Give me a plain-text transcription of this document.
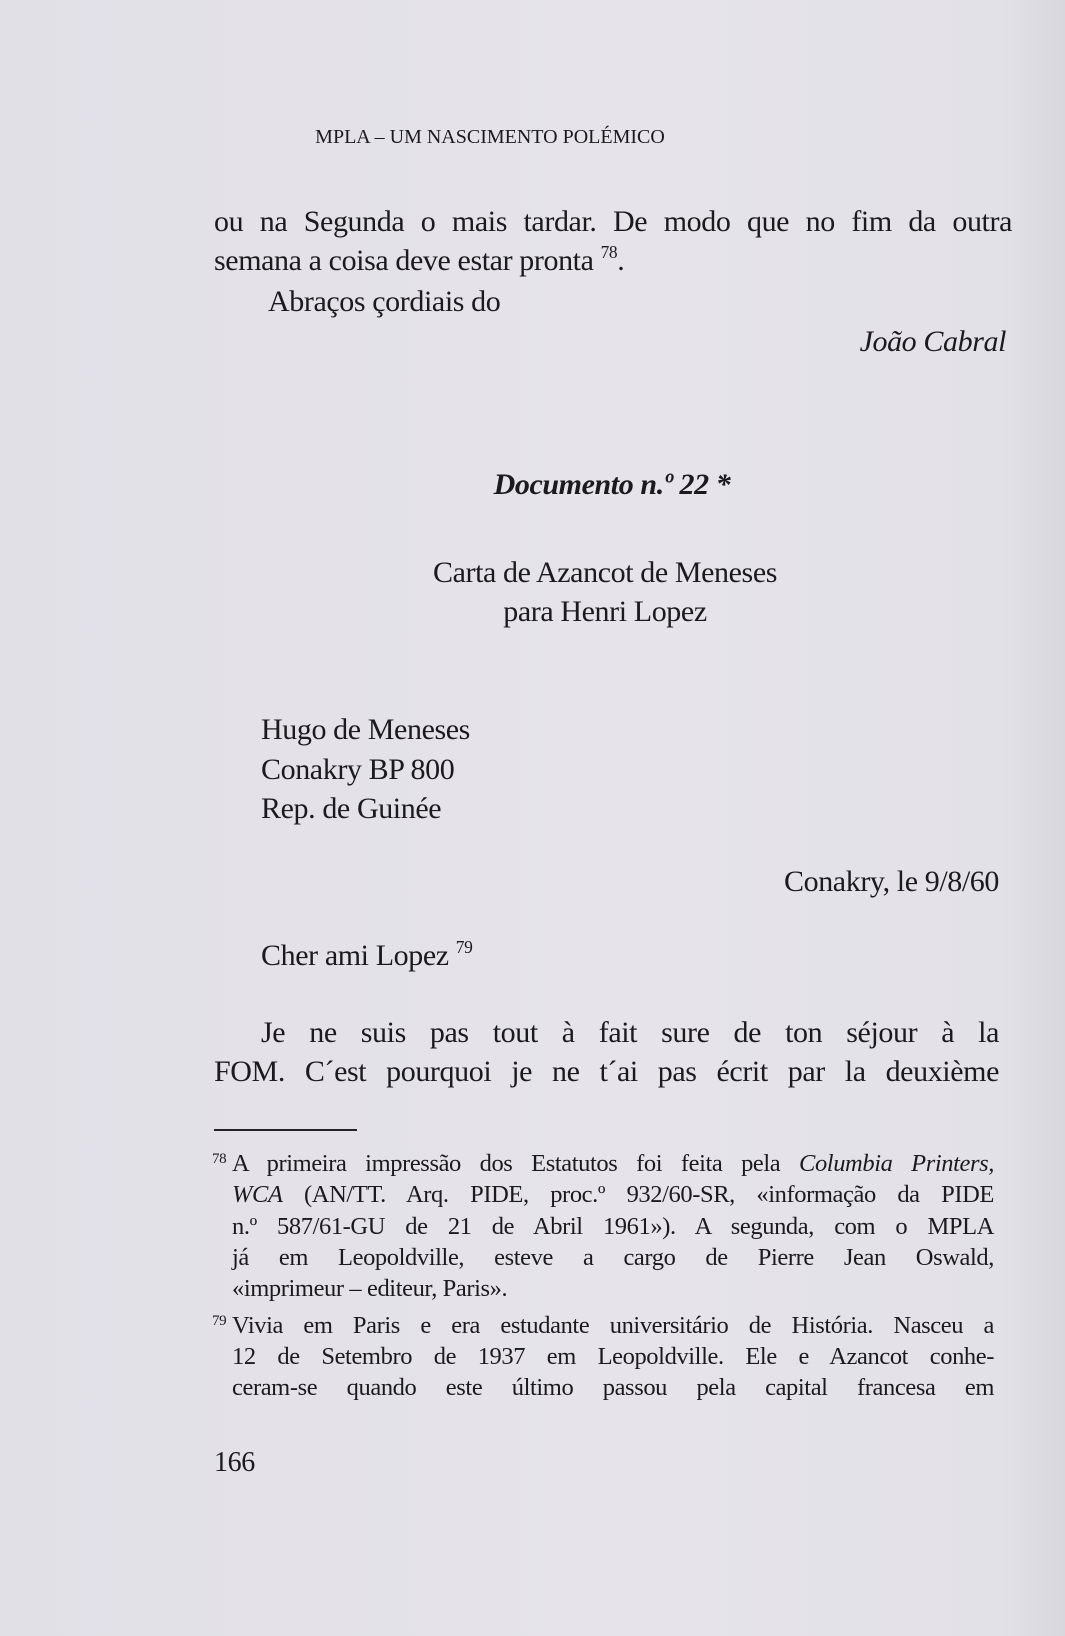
MPLA – UM NASCIMENTO POLÉMICO
ou na Segunda o mais tardar. De modo que no fim da outra
semana a coisa deve estar pronta $^{78}$.
Abraços çordiais do
João Cabral
Documento n.º 22 *
Carta de Azancot de Meneses
para Henri Lopez
Hugo de Meneses
Conakry BP 800
Rep. de Guinée
Conakry, le 9/8/60
Cher ami Lopez $^{79}$
Je ne suis pas tout à fait sure de ton séjour à la
FOM. C´est pourquoi je ne t´ai pas écrit par la deuxième
78 A primeira impressão dos Estatutos foi feita pela Columbia Printers,
WCA (AN/TT. Arq. PIDE, proc.º 932/60-SR, «informação da PIDE
n.º 587/61-GU de 21 de Abril 1961»). A segunda, com o MPLA
já em Leopoldville, esteve a cargo de Pierre Jean Oswald,
«imprimeur – editeur, Paris».
79 Vivia em Paris e era estudante universitário de História. Nasceu a
12 de Setembro de 1937 em Leopoldville. Ele e Azancot conhe-
ceram-se quando este último passou pela capital francesa em
166
